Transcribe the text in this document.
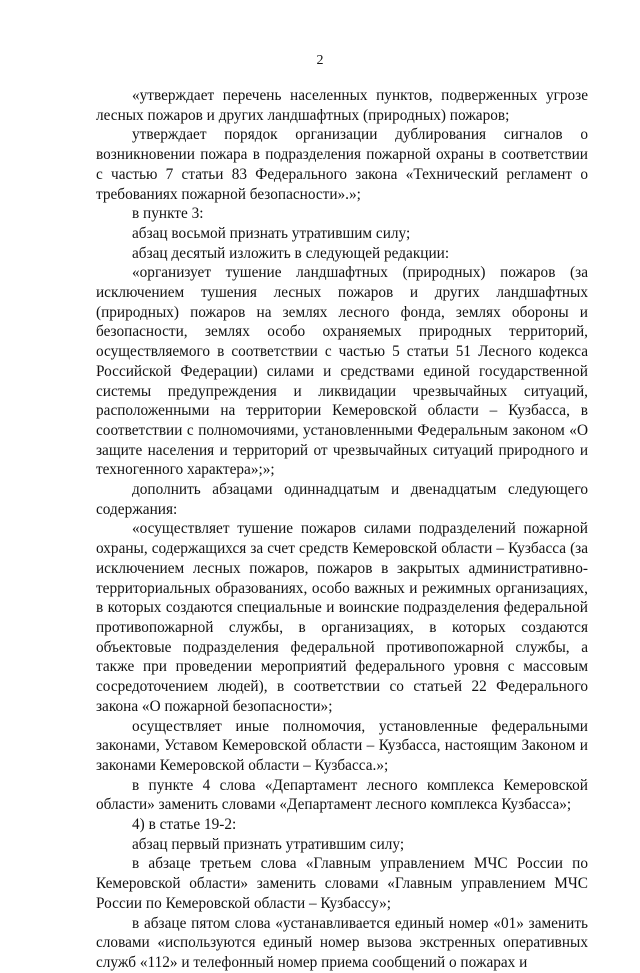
2

«утверждает перечень населенных пунктов, подверженных угрозе лесных пожаров и других ландшафтных (природных) пожаров;

утверждает порядок организации дублирования сигналов о возникновении пожара в подразделения пожарной охраны в соответствии с частью 7 статьи 83 Федерального закона «Технический регламент о требованиях пожарной безопасности».»;

в пункте 3:

абзац восьмой признать утратившим силу;

абзац десятый изложить в следующей редакции:

«организует тушение ландшафтных (природных) пожаров (за исключением тушения лесных пожаров и других ландшафтных (природных) пожаров на землях лесного фонда, землях обороны и безопасности, землях особо охраняемых природных территорий, осуществляемого в соответствии с частью 5 статьи 51 Лесного кодекса Российской Федерации) силами и средствами единой государственной системы предупреждения и ликвидации чрезвычайных ситуаций, расположенными на территории Кемеровской области – Кузбасса, в соответствии с полномочиями, установленными Федеральным законом «О защите населения и территорий от чрезвычайных ситуаций природного и техногенного характера»;»;

дополнить абзацами одиннадцатым и двенадцатым следующего содержания:

«осуществляет тушение пожаров силами подразделений пожарной охраны, содержащихся за счет средств Кемеровской области – Кузбасса (за исключением лесных пожаров, пожаров в закрытых административно-территориальных образованиях, особо важных и режимных организациях, в которых создаются специальные и воинские подразделения федеральной противопожарной службы, в организациях, в которых создаются объектовые подразделения федеральной противопожарной службы, а также при проведении мероприятий федерального уровня с массовым сосредоточением людей), в соответствии со статьей 22 Федерального закона «О пожарной безопасности»;

осуществляет иные полномочия, установленные федеральными законами, Уставом Кемеровской области – Кузбасса, настоящим Законом и законами Кемеровской области – Кузбасса.»;

в пункте 4 слова «Департамент лесного комплекса Кемеровской области» заменить словами «Департамент лесного комплекса Кузбасса»;

4) в статье 19-2:

абзац первый признать утратившим силу;

в абзаце третьем слова «Главным управлением МЧС России по Кемеровской области» заменить словами «Главным управлением МЧС России по Кемеровской области – Кузбассу»;

в абзаце пятом слова «устанавливается единый номер «01» заменить словами «используются единый номер вызова экстренных оперативных служб «112» и телефонный номер приема сообщений о пожарах и
